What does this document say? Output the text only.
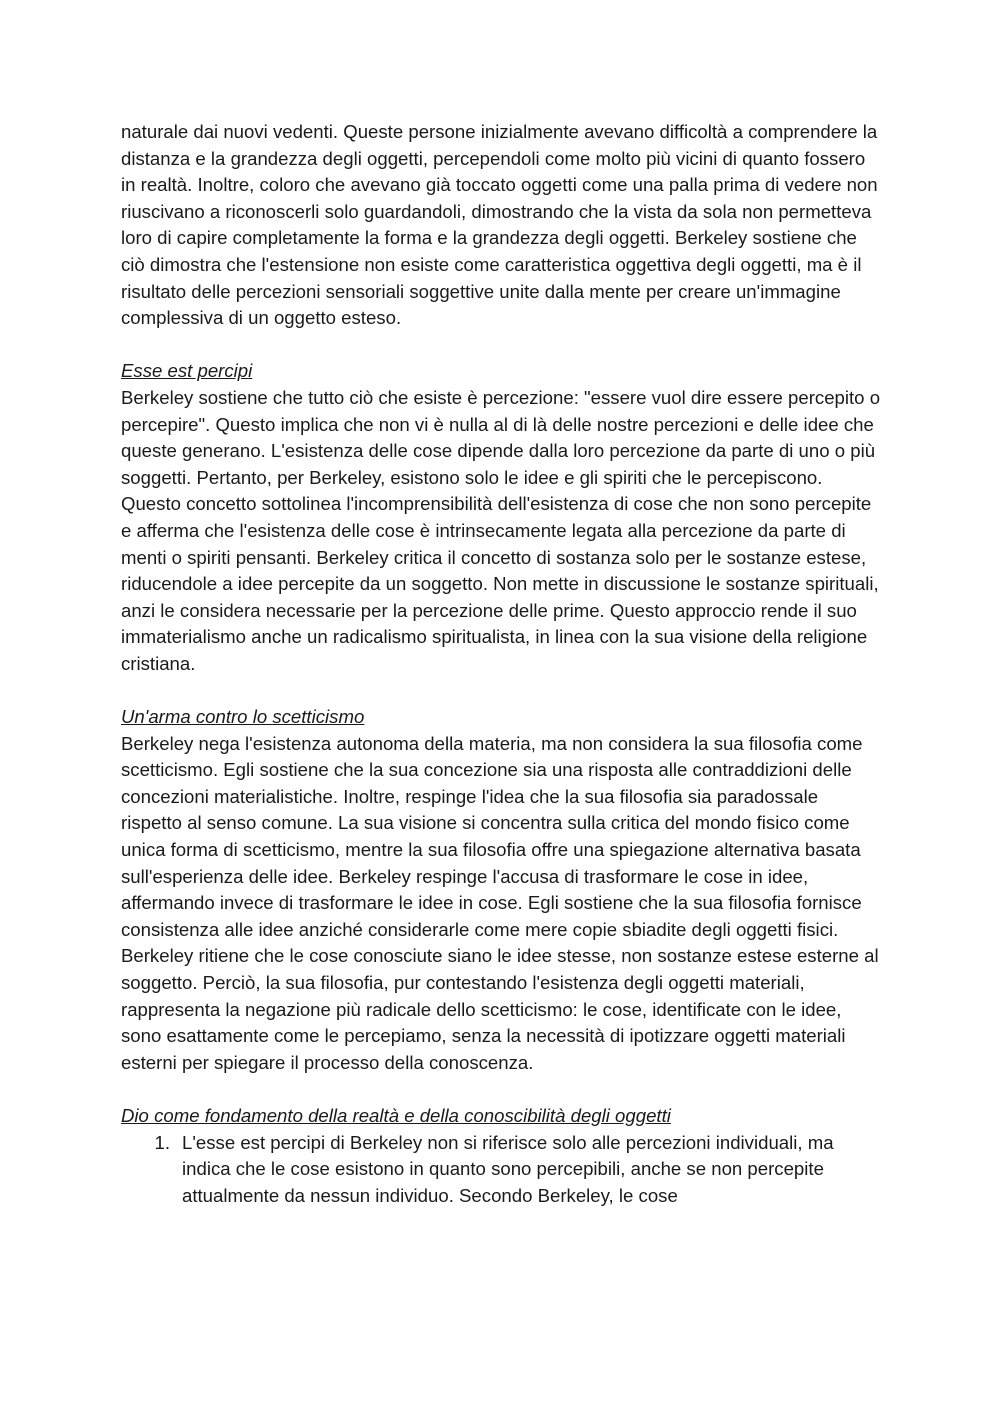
naturale dai nuovi vedenti. Queste persone inizialmente avevano difficoltà a comprendere la distanza e la grandezza degli oggetti, percependoli come molto più vicini di quanto fossero in realtà. Inoltre, coloro che avevano già toccato oggetti come una palla prima di vedere non riuscivano a riconoscerli solo guardandoli, dimostrando che la vista da sola non permetteva loro di capire completamente la forma e la grandezza degli oggetti. Berkeley sostiene che ciò dimostra che l'estensione non esiste come caratteristica oggettiva degli oggetti, ma è il risultato delle percezioni sensoriali soggettive unite dalla mente per creare un'immagine complessiva di un oggetto esteso.

Esse est percipi

Berkeley sostiene che tutto ciò che esiste è percezione: "essere vuol dire essere percepito o percepire". Questo implica che non vi è nulla al di là delle nostre percezioni e delle idee che queste generano. L'esistenza delle cose dipende dalla loro percezione da parte di uno o più soggetti. Pertanto, per Berkeley, esistono solo le idee e gli spiriti che le percepiscono. Questo concetto sottolinea l'incomprensibilità dell'esistenza di cose che non sono percepite e afferma che l'esistenza delle cose è intrinsecamente legata alla percezione da parte di menti o spiriti pensanti. Berkeley critica il concetto di sostanza solo per le sostanze estese, riducendole a idee percepite da un soggetto. Non mette in discussione le sostanze spirituali, anzi le considera necessarie per la percezione delle prime. Questo approccio rende il suo immaterialismo anche un radicalismo spiritualista, in linea con la sua visione della religione cristiana.

Un'arma contro lo scetticismo

Berkeley nega l'esistenza autonoma della materia, ma non considera la sua filosofia come scetticismo. Egli sostiene che la sua concezione sia una risposta alle contraddizioni delle concezioni materialistiche. Inoltre, respinge l'idea che la sua filosofia sia paradossale rispetto al senso comune. La sua visione si concentra sulla critica del mondo fisico come unica forma di scetticismo, mentre la sua filosofia offre una spiegazione alternativa basata sull'esperienza delle idee. Berkeley respinge l'accusa di trasformare le cose in idee, affermando invece di trasformare le idee in cose. Egli sostiene che la sua filosofia fornisce consistenza alle idee anziché considerarle come mere copie sbiadite degli oggetti fisici. Berkeley ritiene che le cose conosciute siano le idee stesse, non sostanze estese esterne al soggetto. Perciò, la sua filosofia, pur contestando l'esistenza degli oggetti materiali, rappresenta la negazione più radicale dello scetticismo: le cose, identificate con le idee, sono esattamente come le percepiamo, senza la necessità di ipotizzare oggetti materiali esterni per spiegare il processo della conoscenza.

Dio come fondamento della realtà e della conoscibilità degli oggetti

1. L'esse est percipi di Berkeley non si riferisce solo alle percezioni individuali, ma indica che le cose esistono in quanto sono percepibili, anche se non percepite attualmente da nessun individuo. Secondo Berkeley, le cose
